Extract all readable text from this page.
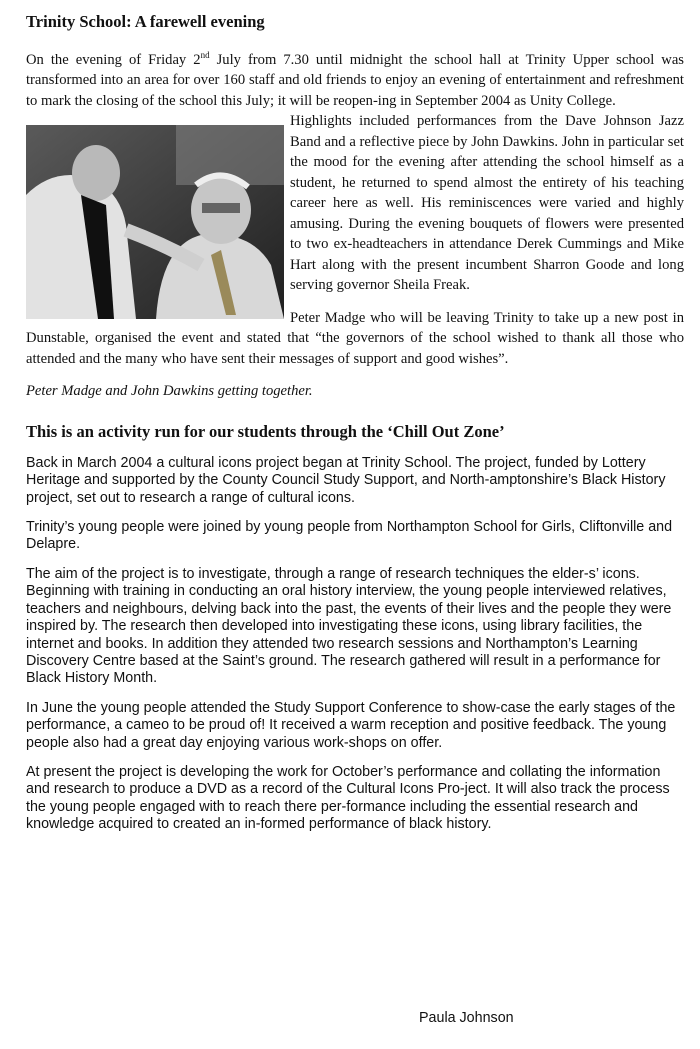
Trinity School: A farewell evening

On the evening of Friday 2nd July from 7.30 until midnight the school hall at Trinity Upper school was transformed into an area for over 160 staff and old friends to enjoy an evening of entertainment and refreshment to mark the closing of the school this July; it will be reopen-ing in September 2004 as Unity College.

Highlights included performances from the Dave Johnson Jazz Band and a reflective piece by John Dawkins. John in particular set the mood for the evening after attending the school himself as a student, he returned to spend almost the entirety of his teaching career here as well. His reminiscences were varied and highly amusing. During the evening bouquets of flowers were presented to two ex-headteachers in attendance Derek Cummings and Mike Hart along with the present incumbent Sharron Goode and long serving governor Sheila Freak.

Peter Madge who will be leaving Trinity to take up a new post in Dunstable, organised the event and stated that “the governors of the school wished to thank all those who attended and the many who have sent their messages of support and good wishes”.

Peter Madge and John Dawkins getting together.

This is an activity run for our students through the ‘Chill Out Zone’

Back in March 2004 a cultural icons project began at Trinity School. The project, funded by Lottery Heritage and supported by the County Council Study Support, and North-amptonshire’s Black History project, set out to research a range of cultural icons.

Trinity’s young people were joined by young people from Northampton School for Girls, Cliftonville and Delapre.

The aim of the project is to investigate, through a range of research techniques the elder-s’ icons. Beginning with training in conducting an oral history interview, the young people interviewed relatives, teachers and neighbours, delving back into the past, the events of their lives and the people they were inspired by. The research then developed into investigating these icons, using library facilities, the internet and books. In addition they attended two research sessions and Northampton’s Learning Discovery Centre based at the Saint’s ground. The research gathered will result in a performance for Black History Month.

In June the young people attended the Study Support Conference to show-case the early stages of the performance, a cameo to be proud of! It received a warm reception and positive feedback. The young people also had a great day enjoying various work-shops on offer.

At present the project is developing the work for October’s performance and collating the information and research to produce a DVD as a record of the Cultural Icons Pro-ject. It will also track the process the young people engaged with to reach there per-formance including the essential research and knowledge acquired to created an in-formed performance of black history.

Paula Johnson
